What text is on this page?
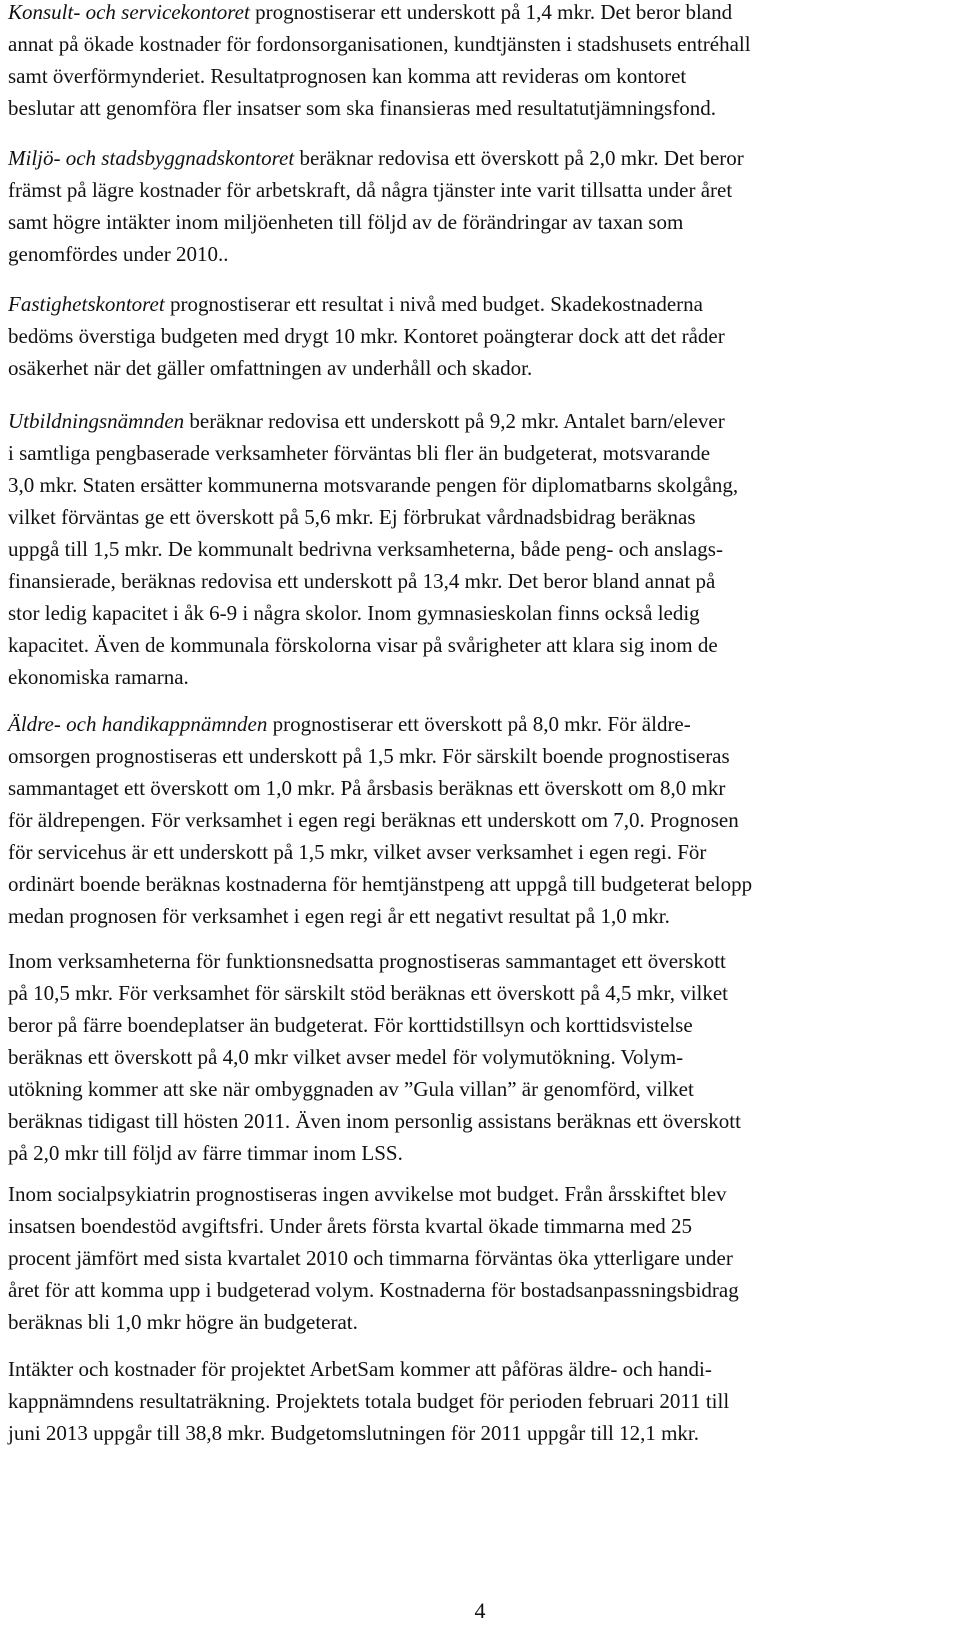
Konsult- och servicekontoret prognostiserar ett underskott på 1,4 mkr. Det beror bland
annat på ökade kostnader för fordonsorganisationen, kundtjänsten i stadshusets entréhall
samt överförmynderiet. Resultatprognosen kan komma att revideras om kontoret
beslutar att genomföra fler insatser som ska finansieras med resultatutjämningsfond.

Miljö- och stadsbyggnadskontoret beräknar redovisa ett överskott på 2,0 mkr. Det beror
främst på lägre kostnader för arbetskraft, då några tjänster inte varit tillsatta under året
samt högre intäkter inom miljöenheten till följd av de förändringar av taxan som
genomfördes under 2010..

Fastighetskontoret prognostiserar ett resultat i nivå med budget. Skadekostnaderna
bedöms överstiga budgeten med drygt 10 mkr. Kontoret poängterar dock att det råder
osäkerhet när det gäller omfattningen av underhåll och skador.

Utbildningsnämnden beräknar redovisa ett underskott på 9,2 mkr. Antalet barn/elever
i samtliga pengbaserade verksamheter förväntas bli fler än budgeterat, motsvarande
3,0 mkr. Staten ersätter kommunerna motsvarande pengen för diplomatbarns skolgång,
vilket förväntas ge ett överskott på 5,6 mkr. Ej förbrukat vårdnadsbidrag beräknas
uppgå till 1,5 mkr. De kommunalt bedrivna verksamheterna, både peng- och anslags-
finansierade, beräknas redovisa ett underskott på 13,4 mkr. Det beror bland annat på
stor ledig kapacitet i åk 6-9 i några skolor. Inom gymnasieskolan finns också ledig
kapacitet. Även de kommunala förskolorna visar på svårigheter att klara sig inom de
ekonomiska ramarna.

Äldre- och handikappnämnden prognostiserar ett överskott på 8,0 mkr. För äldre-
omsorgen prognostiseras ett underskott på 1,5 mkr. För särskilt boende prognostiseras
sammantaget ett överskott om 1,0 mkr. På årsbasis beräknas ett överskott om 8,0 mkr
för äldrepengen. För verksamhet i egen regi beräknas ett underskott om 7,0. Prognosen
för servicehus är ett underskott på 1,5 mkr, vilket avser verksamhet i egen regi. För
ordinärt boende beräknas kostnaderna för hemtjänstpeng att uppgå till budgeterat belopp
medan prognosen för verksamhet i egen regi år ett negativt resultat på 1,0 mkr.

Inom verksamheterna för funktionsnedsatta prognostiseras sammantaget ett överskott
på 10,5 mkr. För verksamhet för särskilt stöd beräknas ett överskott på 4,5 mkr, vilket
beror på färre boendeplatser än budgeterat. För korttidstillsyn och korttidsvistelse
beräknas ett överskott på 4,0 mkr vilket avser medel för volymutökning. Volym-
utökning kommer att ske när ombyggnaden av ”Gula villan” är genomförd, vilket
beräknas tidigast till hösten 2011. Även inom personlig assistans beräknas ett överskott
på 2,0 mkr till följd av färre timmar inom LSS.

Inom socialpsykiatrin prognostiseras ingen avvikelse mot budget. Från årsskiftet blev
insatsen boendestöd avgiftsfri. Under årets första kvartal ökade timmarna med 25
procent jämfört med sista kvartalet 2010 och timmarna förväntas öka ytterligare under
året för att komma upp i budgeterad volym. Kostnaderna för bostadsanpassningsbidrag
beräknas bli 1,0 mkr högre än budgeterat.

Intäkter och kostnader för projektet ArbetSam kommer att påföras äldre- och handi-
kappnämndens resultaträkning. Projektets totala budget för perioden februari 2011 till
juni 2013 uppgår till 38,8 mkr. Budgetomslutningen för 2011 uppgår till 12,1 mkr.

4
